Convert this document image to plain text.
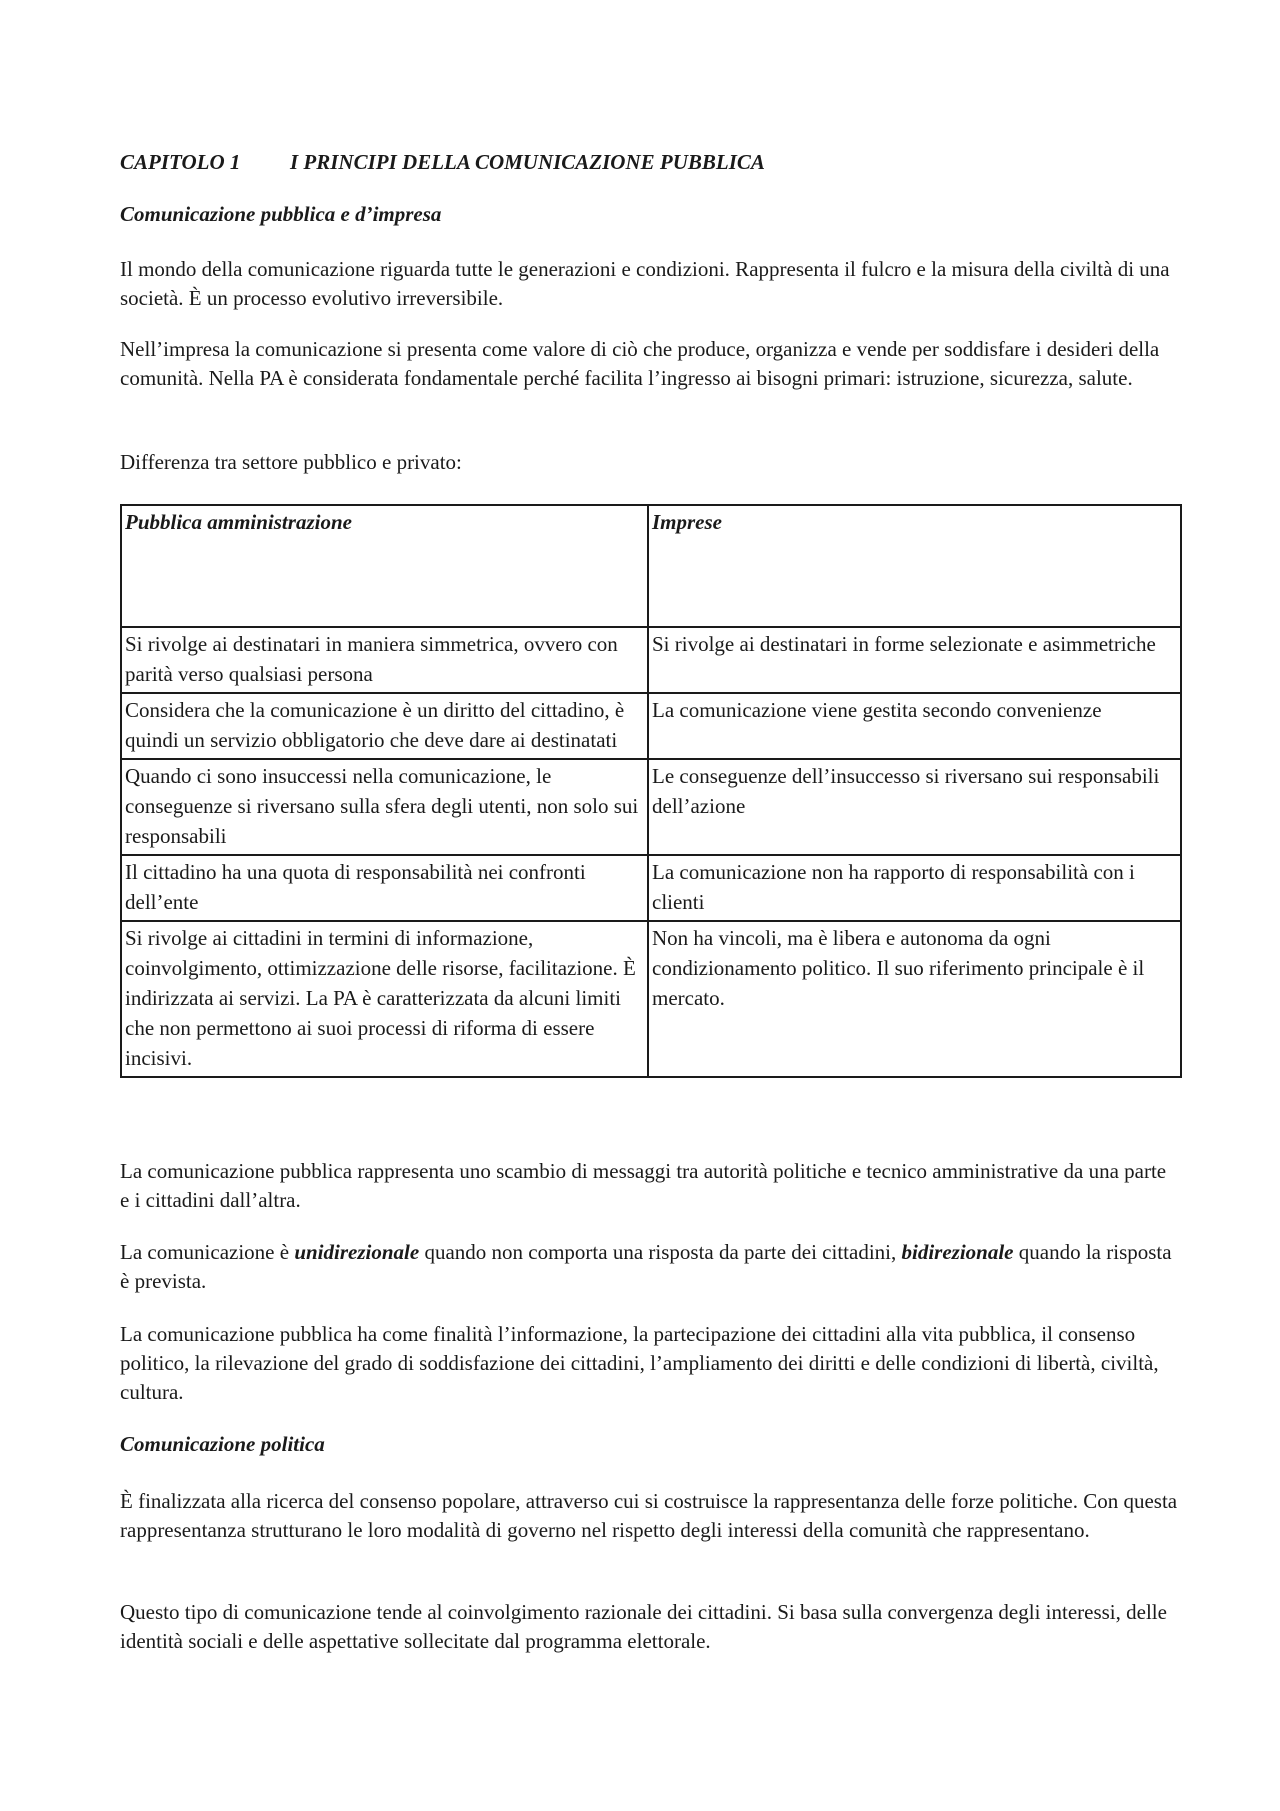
CAPITOLO 1 I PRINCIPI DELLA COMUNICAZIONE PUBBLICA
Comunicazione pubblica e d’impresa
Il mondo della comunicazione riguarda tutte le generazioni e condizioni. Rappresenta il fulcro e la misura della civiltà di una società. È un processo evolutivo irreversibile.
Nell’impresa la comunicazione si presenta come valore di ciò che produce, organizza e vende per soddisfare i desideri della comunità. Nella PA è considerata fondamentale perché facilita l’ingresso ai bisogni primari: istruzione, sicurezza, salute.
Differenza tra settore pubblico e privato:
Pubblica amministrazione	Imprese
Si rivolge ai destinatari in maniera simmetrica, ovvero con parità verso qualsiasi persona	Si rivolge ai destinatari in forme selezionate e asimmetriche
Considera che la comunicazione è un diritto del cittadino, è quindi un servizio obbligatorio che deve dare ai destinatati	La comunicazione viene gestita secondo convenienze
Quando ci sono insuccessi nella comunicazione, le conseguenze si riversano sulla sfera degli utenti, non solo sui responsabili	Le conseguenze dell’insuccesso si riversano sui responsabili dell’azione
Il cittadino ha una quota di responsabilità nei confronti dell’ente	La comunicazione non ha rapporto di responsabilità con i clienti
Si rivolge ai cittadini in termini di informazione, coinvolgimento, ottimizzazione delle risorse, facilitazione. È indirizzata ai servizi. La PA è caratterizzata da alcuni limiti che non permettono ai suoi processi di riforma di essere incisivi.	Non ha vincoli, ma è libera e autonoma da ogni condizionamento politico. Il suo riferimento principale è il mercato.
La comunicazione pubblica rappresenta uno scambio di messaggi tra autorità politiche e tecnico amministrative da una parte e i cittadini dall’altra.
La comunicazione è unidirezionale quando non comporta una risposta da parte dei cittadini, bidirezionale quando la risposta è prevista.
La comunicazione pubblica ha come finalità l’informazione, la partecipazione dei cittadini alla vita pubblica, il consenso politico, la rilevazione del grado di soddisfazione dei cittadini, l’ampliamento dei diritti e delle condizioni di libertà, civiltà, cultura.
Comunicazione politica
È finalizzata alla ricerca del consenso popolare, attraverso cui si costruisce la rappresentanza delle forze politiche. Con questa rappresentanza strutturano le loro modalità di governo nel rispetto degli interessi della comunità che rappresentano.
Questo tipo di comunicazione tende al coinvolgimento razionale dei cittadini. Si basa sulla convergenza degli interessi, delle identità sociali e delle aspettative sollecitate dal programma elettorale.
